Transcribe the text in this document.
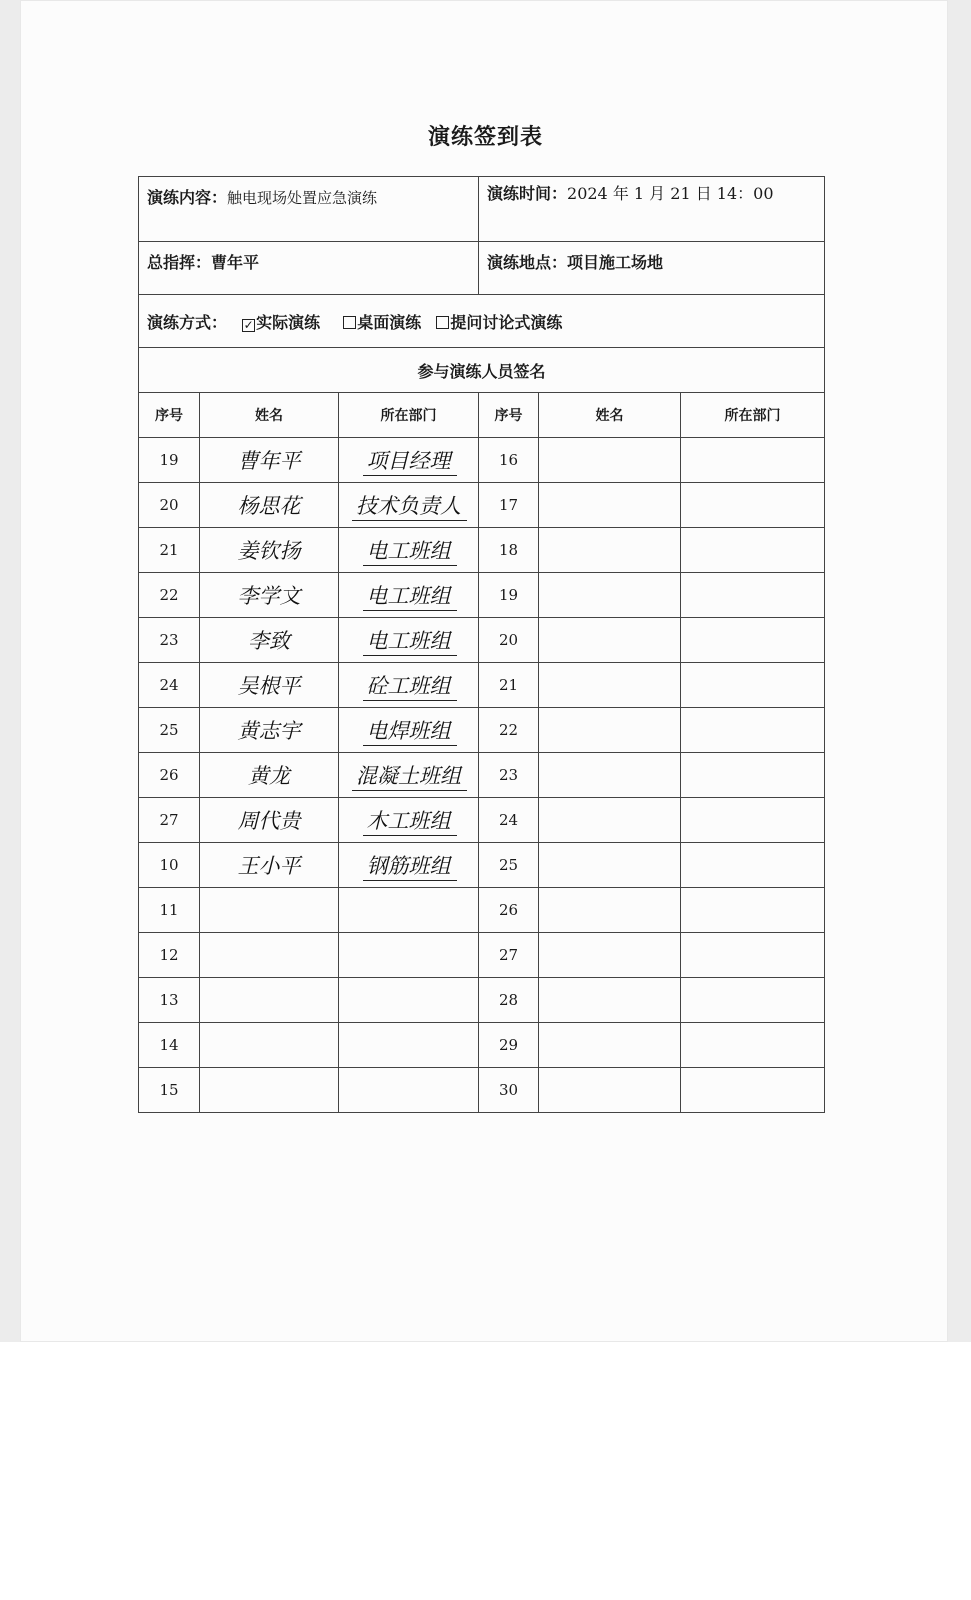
演练签到表
演练内容：触电现场处置应急演练			演练时间：2024 年 1 月 21 日 14：00		
总指挥：曹年平			演练地点：项目施工场地		
演练方式： ✓ 实际演练 桌面演练 提问讨论式演练					
参与演练人员签名					
序号	姓名	所在部门	序号	姓名	所在部门
19	曹年平	项目经理	16		
20	杨思花	技术负责人	17		
21	姜钦扬	电工班组	18		
22	李学文	电工班组	19		
23	李致	电工班组	20		
24	吴根平	砼工班组	21		
25	黄志宇	电焊班组	22		
26	黄龙	混凝土班组	23		
27	周代贵	木工班组	24		
10	王小平	钢筋班组	25		
11			26		
12			27		
13			28		
14			29		
15			30		
